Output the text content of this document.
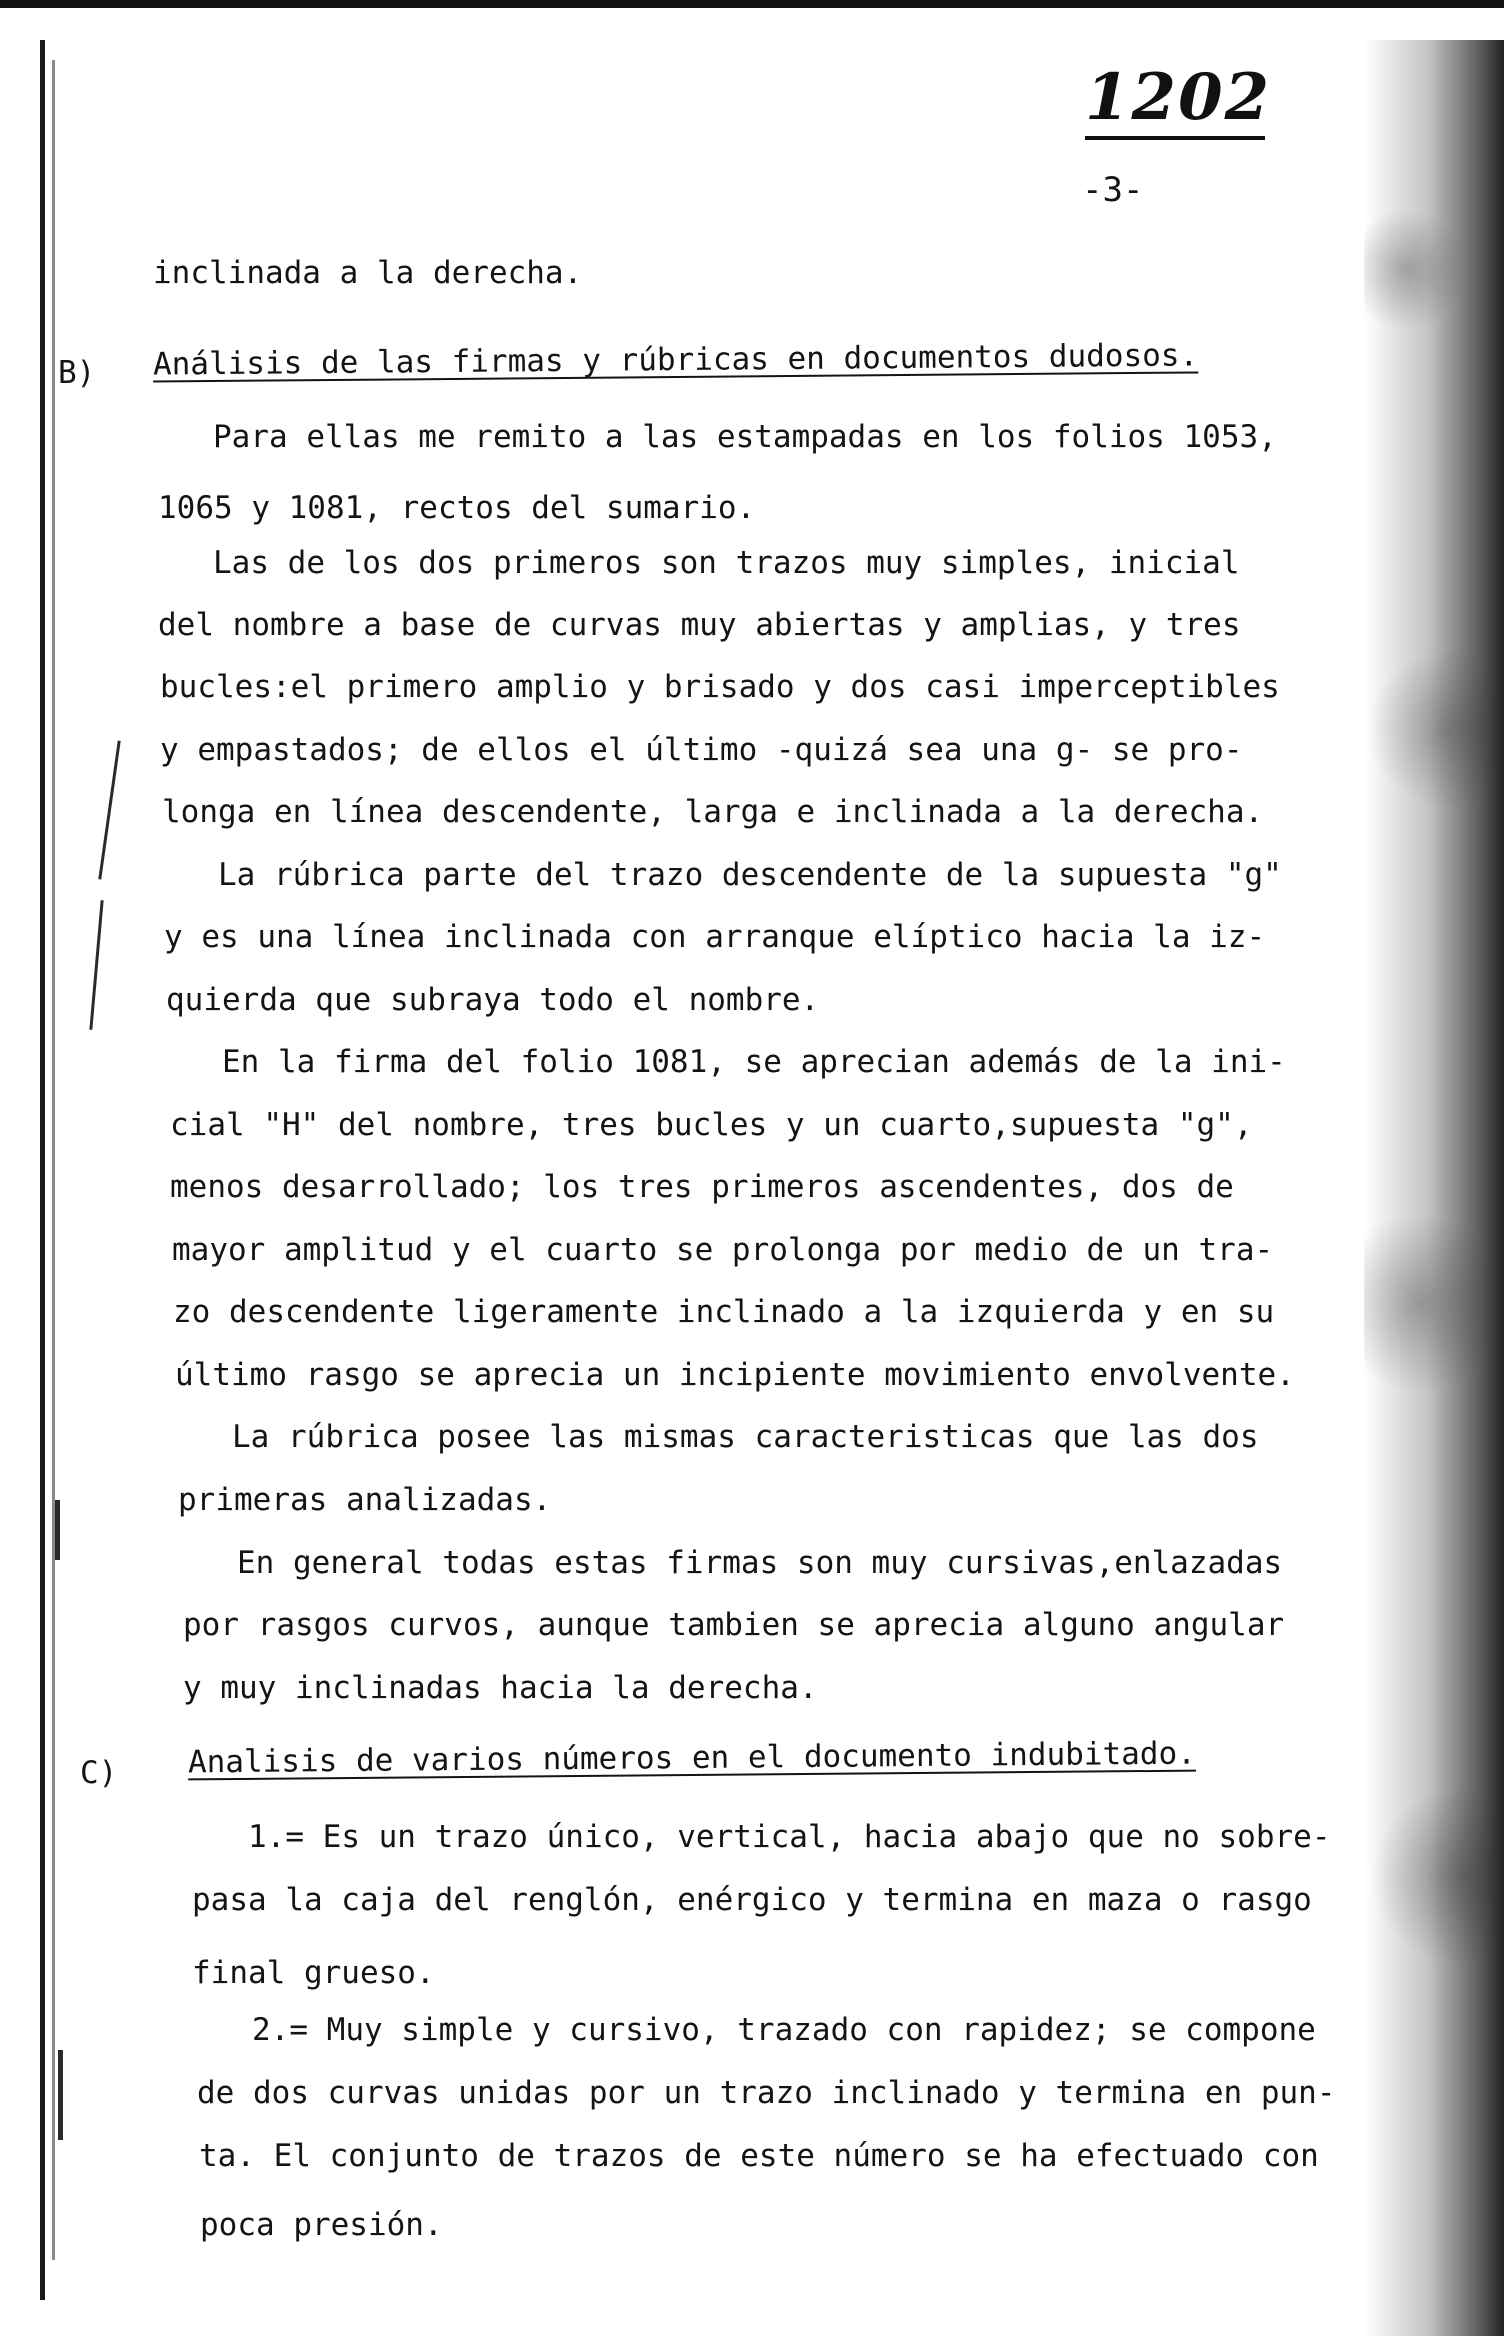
1202
-3-
B)
C)
inclinada a la derecha.
Análisis de las firmas y rúbricas en documentos dudosos.
Para ellas me remito a las estampadas en los folios 1053,
1065 y 1081, rectos del sumario.
Las de los dos primeros son trazos muy simples, inicial
del nombre a base de curvas muy abiertas y amplias, y tres
bucles:el primero amplio y brisado y dos casi imperceptibles
y empastados; de ellos el último -quizá sea una g- se pro-
longa en línea descendente, larga e inclinada a la derecha.
La rúbrica parte del trazo descendente de la supuesta "g"
y es una línea inclinada con arranque elíptico hacia la iz-
quierda que subraya todo el nombre.
En la firma del folio 1081, se aprecian además de la ini-
cial "H" del nombre, tres bucles y un cuarto,supuesta "g",
menos desarrollado; los tres primeros ascendentes, dos de
mayor amplitud y el cuarto se prolonga por medio de un tra-
zo descendente ligeramente inclinado a la izquierda y en su
último rasgo se aprecia un incipiente movimiento envolvente.
La rúbrica posee las mismas caracteristicas que las dos
primeras analizadas.
En general todas estas firmas son muy cursivas,enlazadas
por rasgos curvos, aunque tambien se aprecia alguno angular
y muy inclinadas hacia la derecha.
Analisis de varios números en el documento indubitado.
1.= Es un trazo único, vertical, hacia abajo que no sobre-
pasa la caja del renglón, enérgico y termina en maza o rasgo
final grueso.
2.= Muy simple y cursivo, trazado con rapidez; se compone
de dos curvas unidas por un trazo inclinado y termina en pun-
ta. El conjunto de trazos de este número se ha efectuado con
poca presión.
